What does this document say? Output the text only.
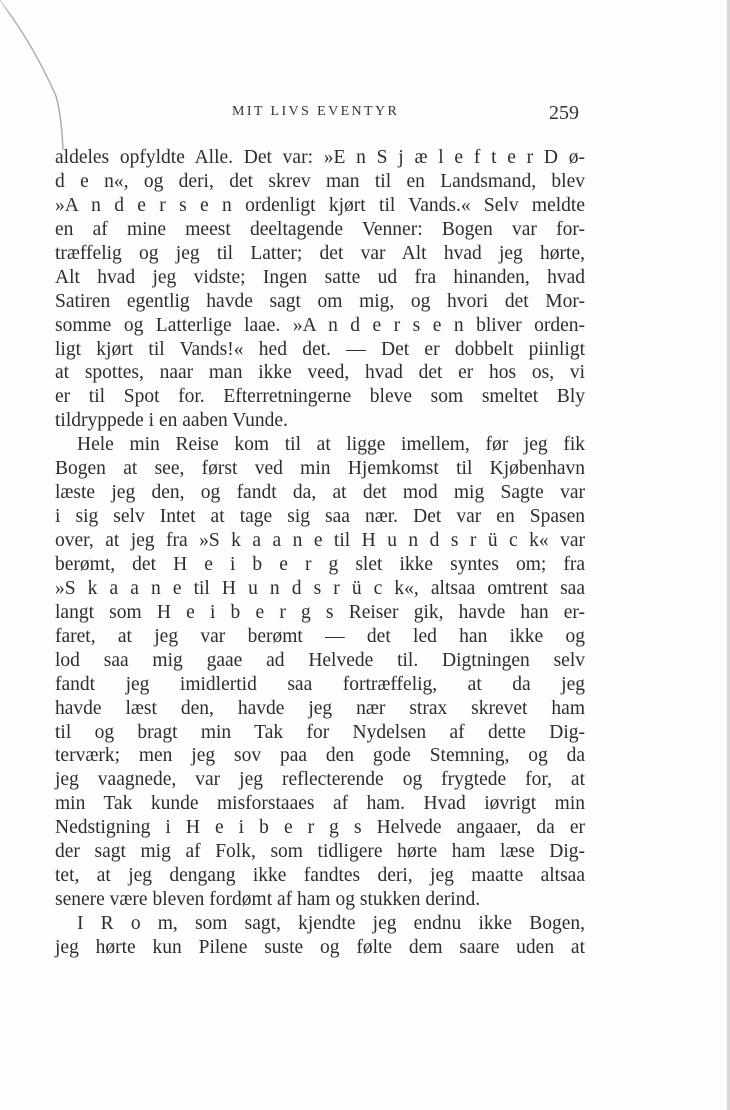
MIT LIVS EVENTYR	259
aldeles opfyldte Alle. Det var: »E n S j æ l e f t e r D ø-
d e n«, og deri, det skrev man til en Landsmand, blev
»A n d e r s e n ordenligt kjørt til Vands.« Selv meldte
en af mine meest deeltagende Venner: Bogen var for-
træffelig og jeg til Latter; det var Alt hvad jeg hørte,
Alt hvad jeg vidste; Ingen satte ud fra hinanden, hvad
Satiren egentlig havde sagt om mig, og hvori det Mor-
somme og Latterlige laae. »A n d e r s e n bliver orden-
ligt kjørt til Vands!« hed det. — Det er dobbelt piinligt
at spottes, naar man ikke veed, hvad det er hos os, vi
er til Spot for. Efterretningerne bleve som smeltet Bly
tildryppede i en aaben Vunde.
Hele min Reise kom til at ligge imellem, før jeg fik
Bogen at see, først ved min Hjemkomst til Kjøbenhavn
læste jeg den, og fandt da, at det mod mig Sagte var
i sig selv Intet at tage sig saa nær. Det var en Spasen
over, at jeg fra »S k a a n e til H u n d s r ü c k« var
berømt, det H e i b e r g slet ikke syntes om; fra
»S k a a n e til H u n d s r ü c k«, altsaa omtrent saa
langt som H e i b e r g s Reiser gik, havde han er-
faret, at jeg var berømt — det led han ikke og
lod saa mig gaae ad Helvede til. Digtningen selv
fandt jeg imidlertid saa fortræffelig, at da jeg
havde læst den, havde jeg nær strax skrevet ham
til og bragt min Tak for Nydelsen af dette Dig-
terværk; men jeg sov paa den gode Stemning, og da
jeg vaagnede, var jeg reflecterende og frygtede for, at
min Tak kunde misforstaaes af ham. Hvad iøvrigt min
Nedstigning i H e i b e r g s Helvede angaaer, da er
der sagt mig af Folk, som tidligere hørte ham læse Dig-
tet, at jeg dengang ikke fandtes deri, jeg maatte altsaa
senere være bleven fordømt af ham og stukken derind.
I R o m, som sagt, kjendte jeg endnu ikke Bogen,
jeg hørte kun Pilene suste og følte dem saare uden at
